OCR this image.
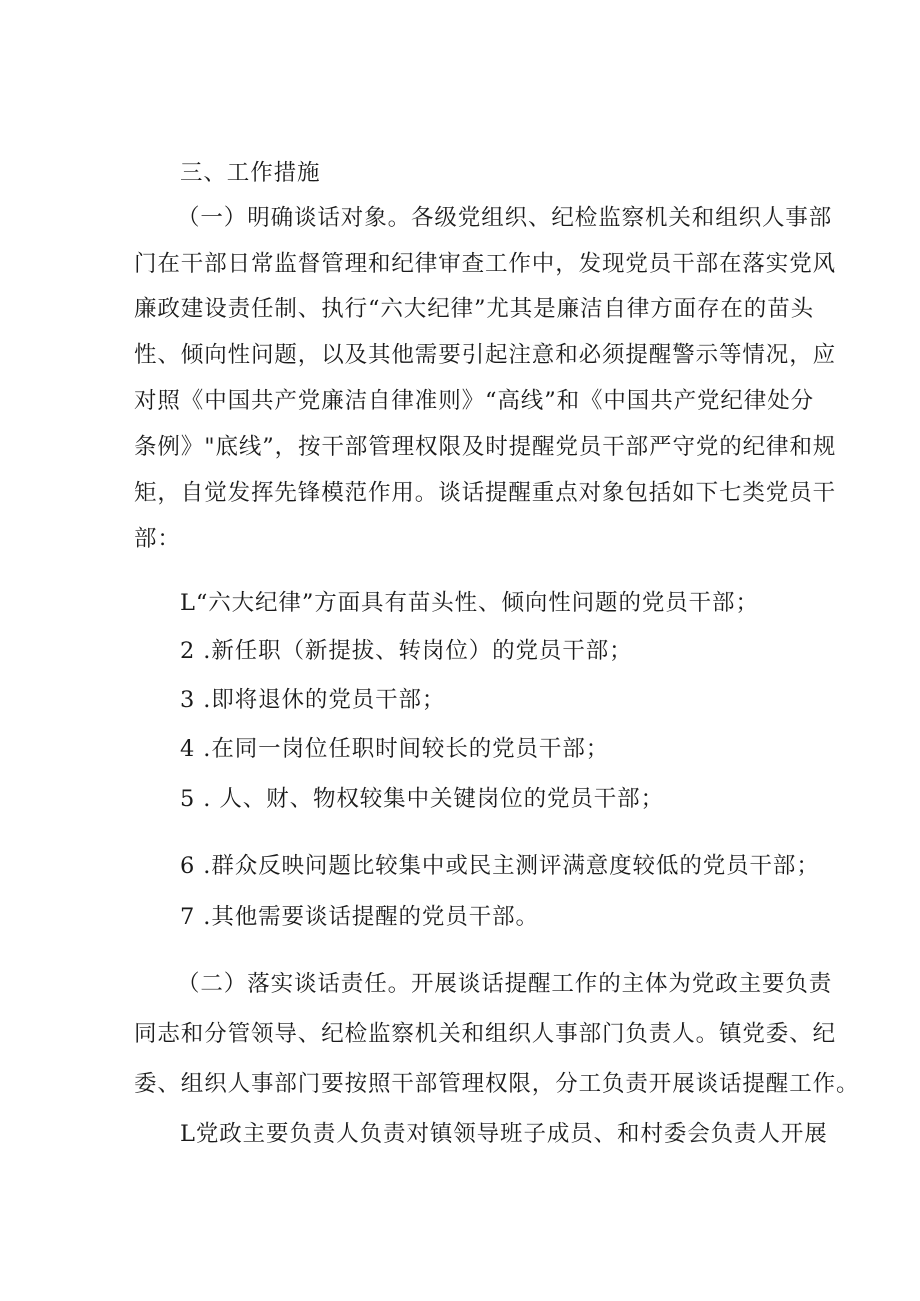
三、工作措施
（一）明确谈话对象。各级党组织、纪检监察机关和组织人事部
门在干部日常监督管理和纪律审查工作中，发现党员干部在落实党风
廉政建设责任制、执行“六大纪律”尤其是廉洁自律方面存在的苗头
性、倾向性问题，以及其他需要引起注意和必须提醒警示等情况，应
对照《中国共产党廉洁自律准则》“高线”和《中国共产党纪律处分
条例》"底线”，按干部管理权限及时提醒党员干部严守党的纪律和规
矩，自觉发挥先锋模范作用。谈话提醒重点对象包括如下七类党员干
部：
L“六大纪律”方面具有苗头性、倾向性问题的党员干部；
2 .新任职（新提拔、转岗位）的党员干部；
3 .即将退休的党员干部；
4 .在同一岗位任职时间较长的党员干部；
5 . 人、财、物权较集中关键岗位的党员干部；
6 .群众反映问题比较集中或民主测评满意度较低的党员干部；
7 .其他需要谈话提醒的党员干部。
（二）落实谈话责任。开展谈话提醒工作的主体为党政主要负责
同志和分管领导、纪检监察机关和组织人事部门负责人。镇党委、纪
委、组织人事部门要按照干部管理权限，分工负责开展谈话提醒工作。
L党政主要负责人负责对镇领导班子成员、和村委会负责人开展
